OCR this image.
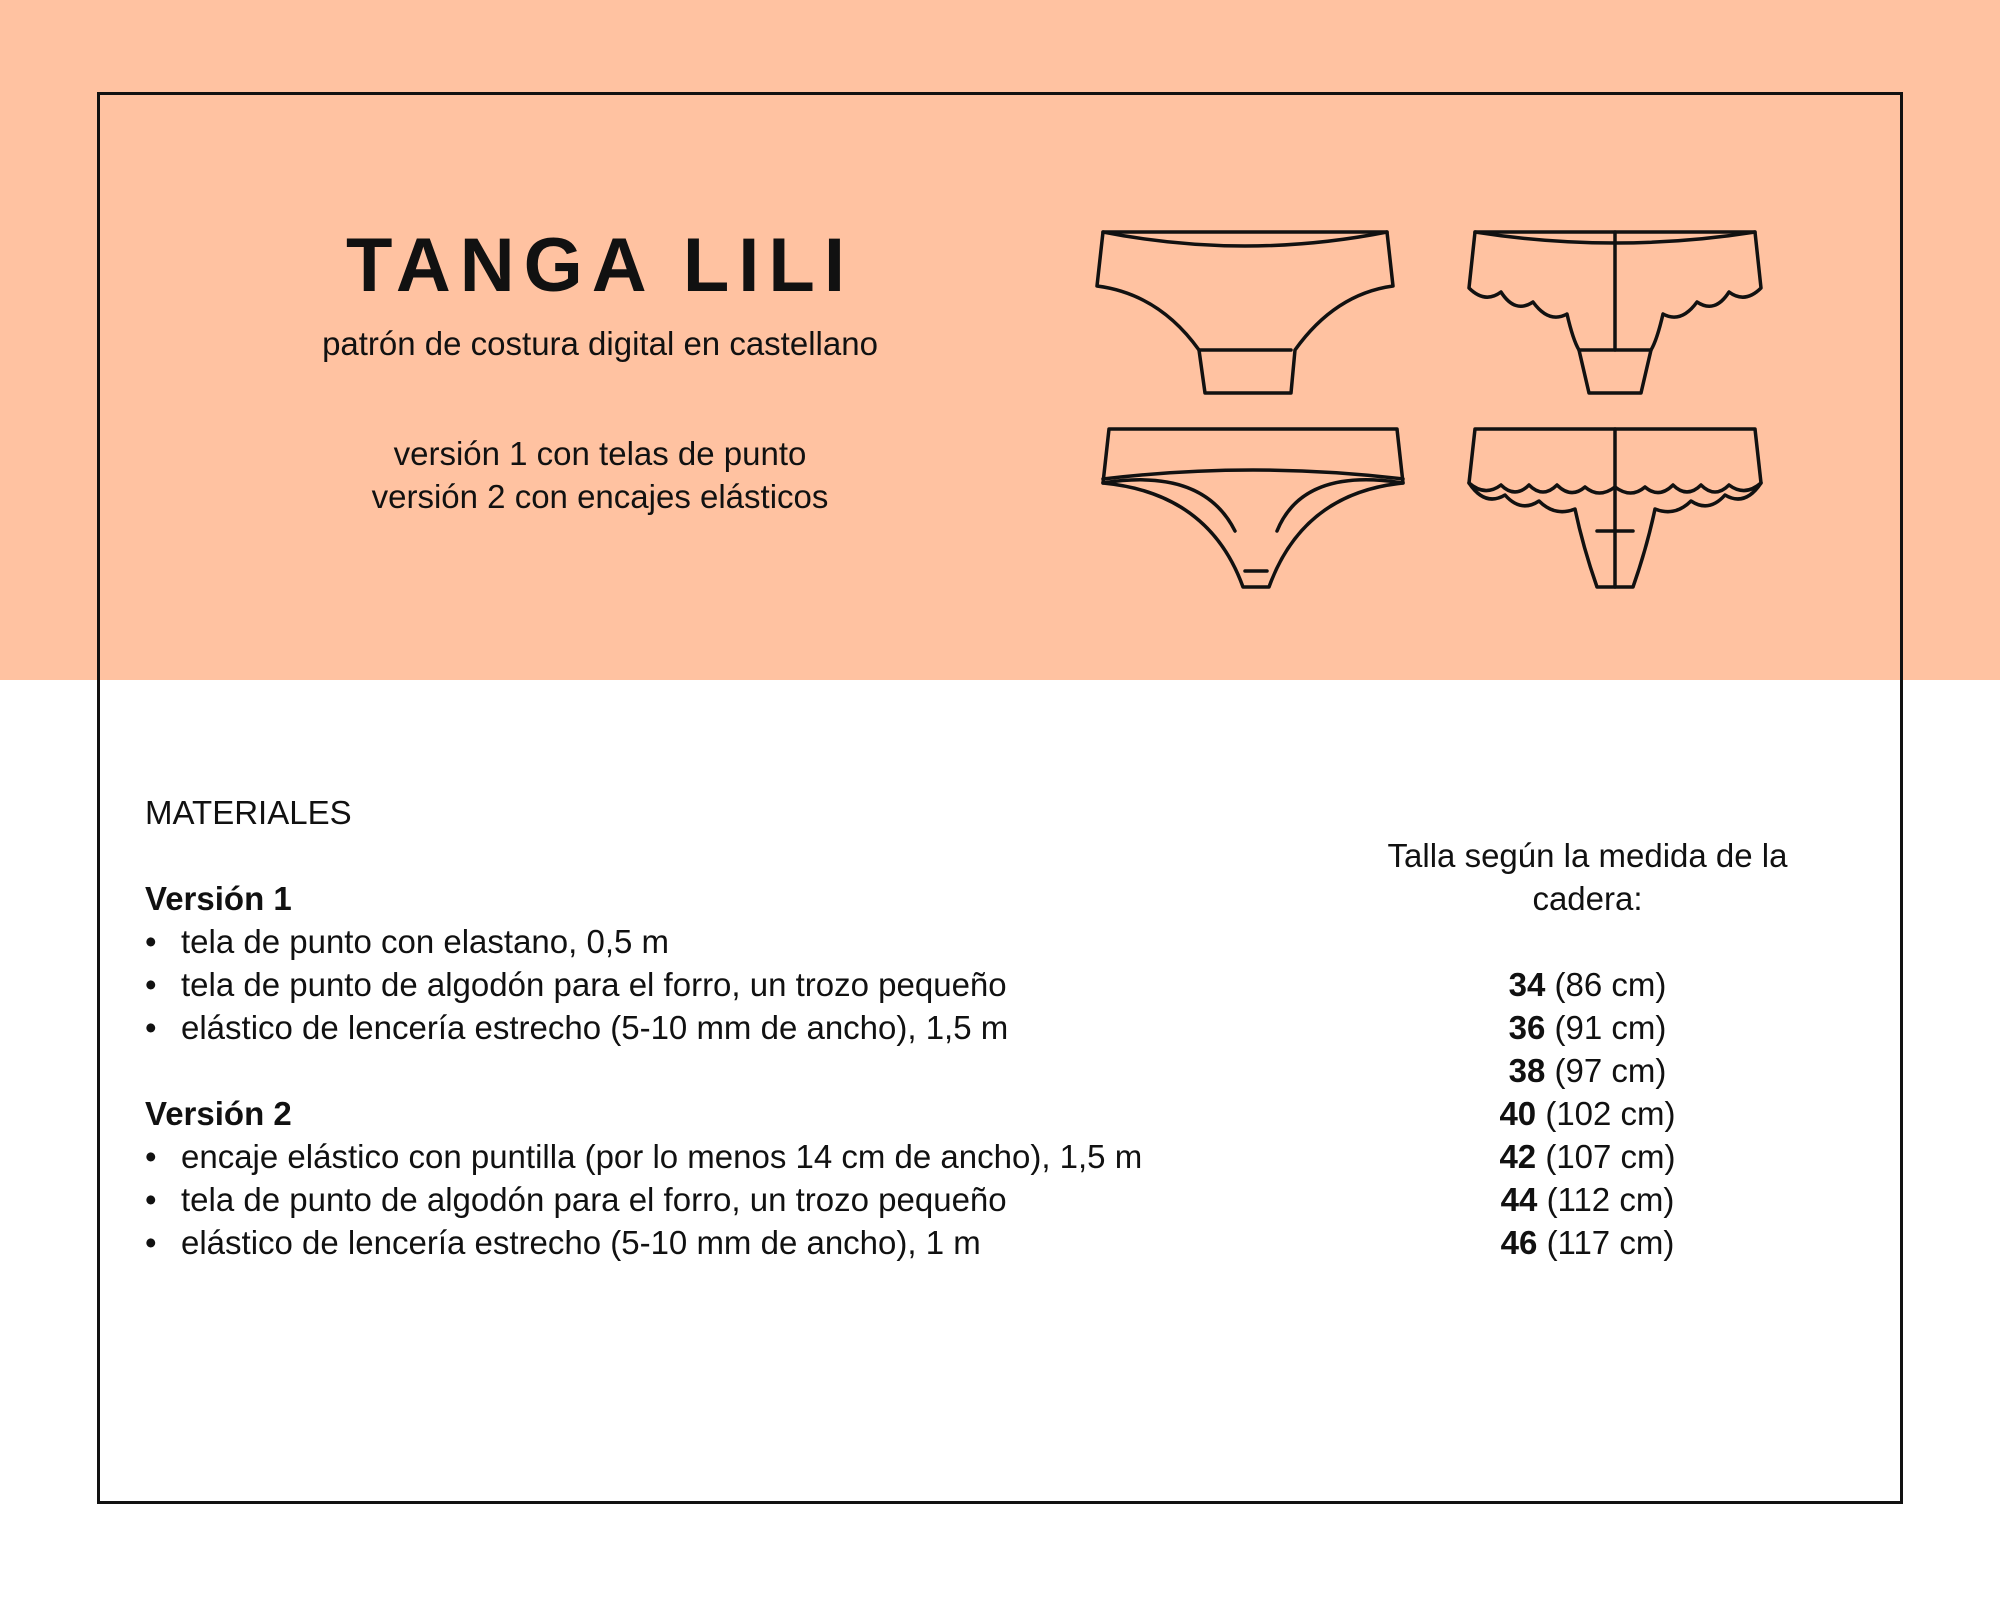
TANGA LILI
patrón de costura digital en castellano
versión 1 con telas de punto
versión 2 con encajes elásticos
MATERIALES
Versión 1
• tela de punto con elastano, 0,5 m
• tela de punto de algodón para el forro, un trozo pequeño
• elástico de lencería estrecho (5-10 mm de ancho), 1,5 m
Versión 2
• encaje elástico con puntilla (por lo menos 14 cm de ancho), 1,5 m
• tela de punto de algodón para el forro, un trozo pequeño
• elástico de lencería estrecho (5-10 mm de ancho), 1 m
Talla según la medida de la
cadera:
34 (86 cm)
36 (91 cm)
38 (97 cm)
40 (102 cm)
42 (107 cm)
44 (112 cm)
46 (117 cm)
